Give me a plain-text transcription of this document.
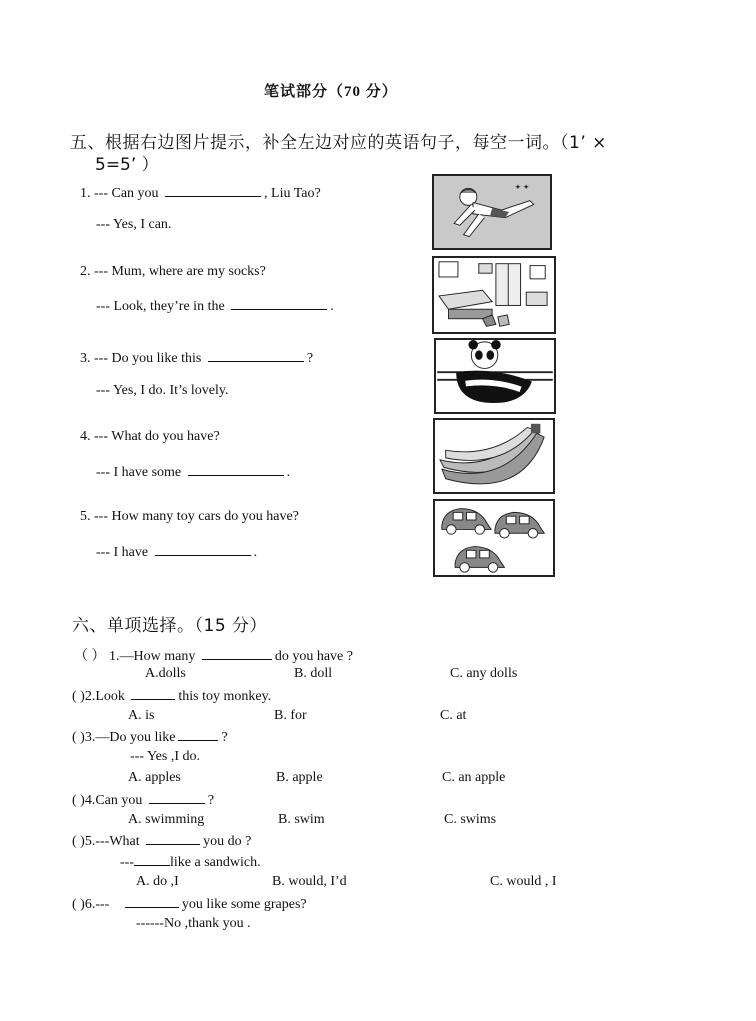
笔试部分（70 分）
五、根据右边图片提示，补全左边对应的英语句子，每空一词。（1’ ×
5=5’ ）
1. --- Can you	, Liu Tao?
--- Yes, I can.
2. --- Mum, where are my socks?
--- Look, they’re in the	.
3. --- Do you like this	?
--- Yes, I do. It’s lovely.
4. --- What do you have?
--- I have some	.
5. --- How many toy cars do you have?
--- I have	.
✦ ✦
六、单项选择。（15 分）
（ ） 1.—How many	do you have ?
A.dolls	B. doll	C. any dolls
( )2.Look	this toy monkey.
A. is	B. for	C. at
( )3.—Do you like	?
--- Yes ,I do.
A. apples	B. apple	C. an apple
( )4.Can you	?
A. swimming	B. swim	C. swims
( )5.---What	you do ?
---	like a sandwich.
A. do ,I	B. would, I’d	C. would , I
( )6.---	you like some grapes?
------No ,thank you .
